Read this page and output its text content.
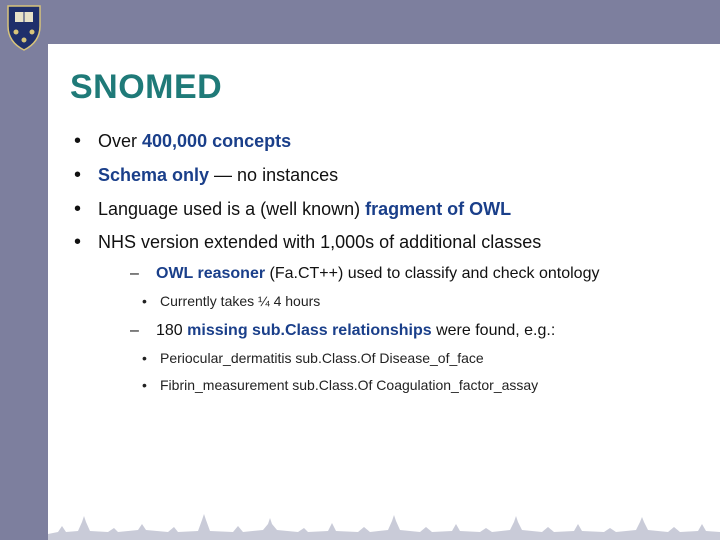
SNOMED
• Over 400,000 concepts
• Schema only — no instances
• Language used is a (well known) fragment of OWL
• NHS version extended with 1,000s of additional classes
– OWL reasoner (Fa.CT++) used to classify and check ontology
• Currently takes ¼ 4 hours
– 180 missing sub.Class relationships were found, e.g.:
• Periocular_dermatitis sub.Class.Of Disease_of_face
• Fibrin_measurement sub.Class.Of Coagulation_factor_assay
